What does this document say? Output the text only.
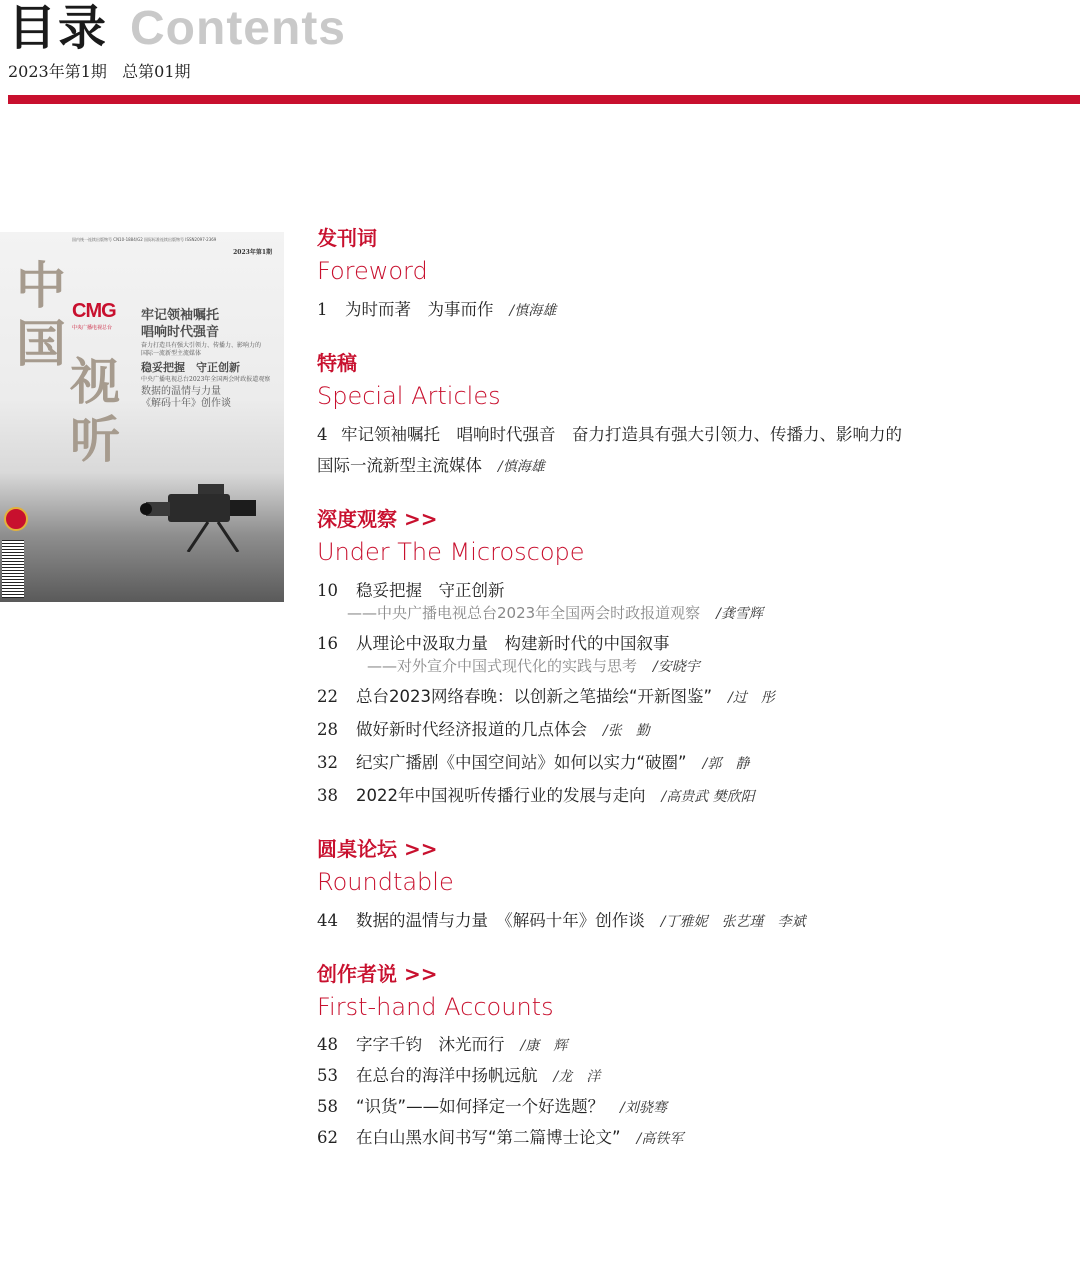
目录 Contents
2023年第1期   总第01期
国内统一连续出版物号 CN10-1884/G2 国际标准连续出版物号 ISSN2097-2369
2023年第1期
中
国
视
听
CMG
中央广播电视总台
牢记领袖嘱托
唱响时代强音
奋力打造具有强大引领力、传播力、影响力的
国际一流新型主流媒体
稳妥把握　守正创新
中央广播电视总台2023年全国两会时政报道观察
数据的温情与力量
《解码十年》创作谈
发刊词
Foreword
1 为时而著　为事而作 /慎海雄
特稿
Special Articles
4 牢记领袖嘱托　唱响时代强音　奋力打造具有强大引领力、传播力、影响力的
国际一流新型主流媒体 /慎海雄
深度观察 >>
Under The Microscope
10 稳妥把握　守正创新
——中央广播电视总台2023年全国两会时政报道观察 /龚雪辉
16 从理论中汲取力量　构建新时代的中国叙事
——对外宣介中国式现代化的实践与思考 /安晓宇
22 总台2023网络春晚：以创新之笔描绘“开新图鉴” /过　彤
28 做好新时代经济报道的几点体会 /张　勤
32 纪实广播剧《中国空间站》如何以实力“破圈” /郭　静
38 2022年中国视听传播行业的发展与走向 /高贵武 樊欣阳
圆桌论坛 >>
Roundtable
44 数据的温情与力量　《解码十年》创作谈 /丁雅妮　张艺瑾　李斌
创作者说 >>
First-hand Accounts
48 字字千钧　沐光而行 /康　辉
53 在总台的海洋中扬帆远航 /龙　洋
58 “识货”——如何择定一个好选题？ /刘骁骞
62 在白山黑水间书写“第二篇博士论文” /高铁军
